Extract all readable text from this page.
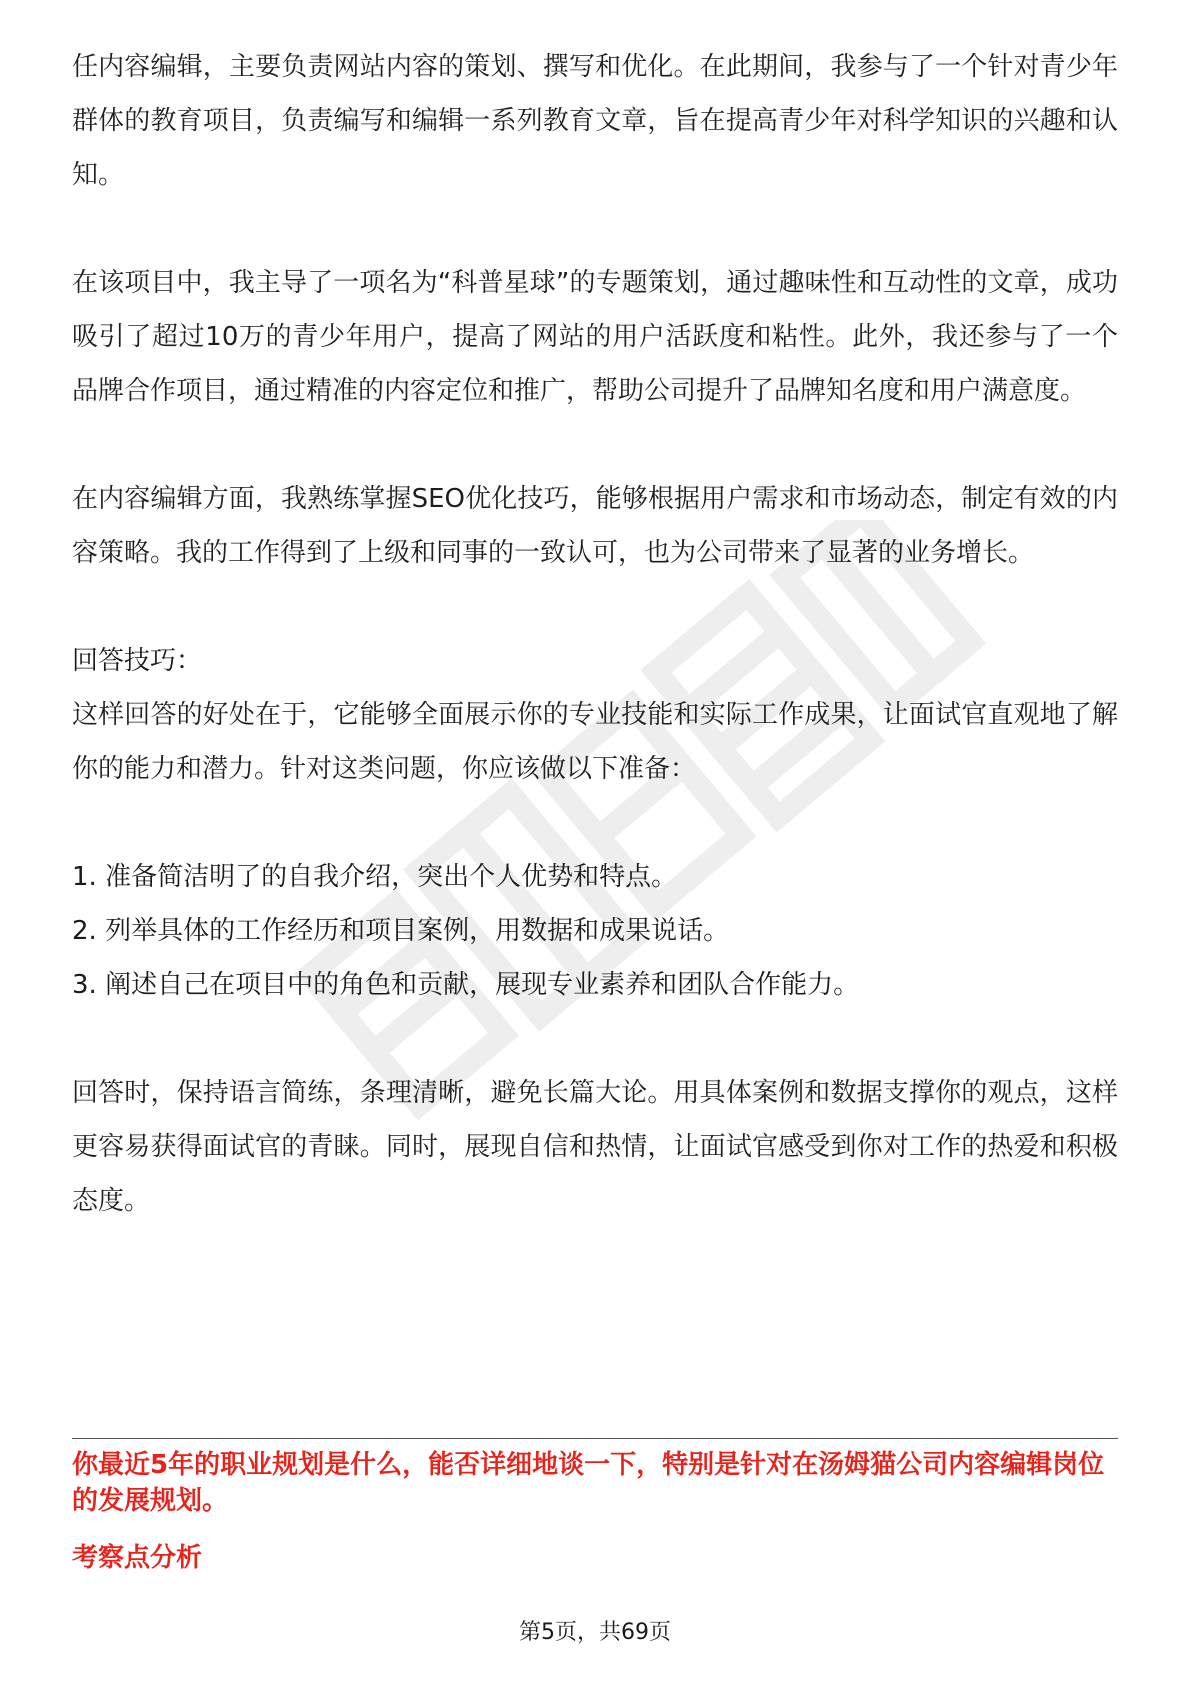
任内容编辑，主要负责网站内容的策划、撰写和优化。在此期间，我参与了一个针对青少年群体的教育项目，负责编写和编辑一系列教育文章，旨在提高青少年对科学知识的兴趣和认知。

在该项目中，我主导了一项名为“科普星球”的专题策划，通过趣味性和互动性的文章，成功吸引了超过10万的青少年用户，提高了网站的用户活跃度和粘性。此外，我还参与了一个品牌合作项目，通过精准的内容定位和推广，帮助公司提升了品牌知名度和用户满意度。

在内容编辑方面，我熟练掌握SEO优化技巧，能够根据用户需求和市场动态，制定有效的内容策略。我的工作得到了上级和同事的一致认可，也为公司带来了显著的业务增长。

回答技巧：

这样回答的好处在于，它能够全面展示你的专业技能和实际工作成果，让面试官直观地了解你的能力和潜力。针对这类问题，你应该做以下准备：

1. 准备简洁明了的自我介绍，突出个人优势和特点。

2. 列举具体的工作经历和项目案例，用数据和成果说话。

3. 阐述自己在项目中的角色和贡献，展现专业素养和团队合作能力。

回答时，保持语言简练，条理清晰，避免长篇大论。用具体案例和数据支撑你的观点，这样更容易获得面试官的青睐。同时，展现自信和热情，让面试官感受到你对工作的热爱和积极态度。

你最近5年的职业规划是什么，能否详细地谈一下，特别是针对在汤姆猫公司内容编辑岗位的发展规划。

考察点分析

第5页，共69页
